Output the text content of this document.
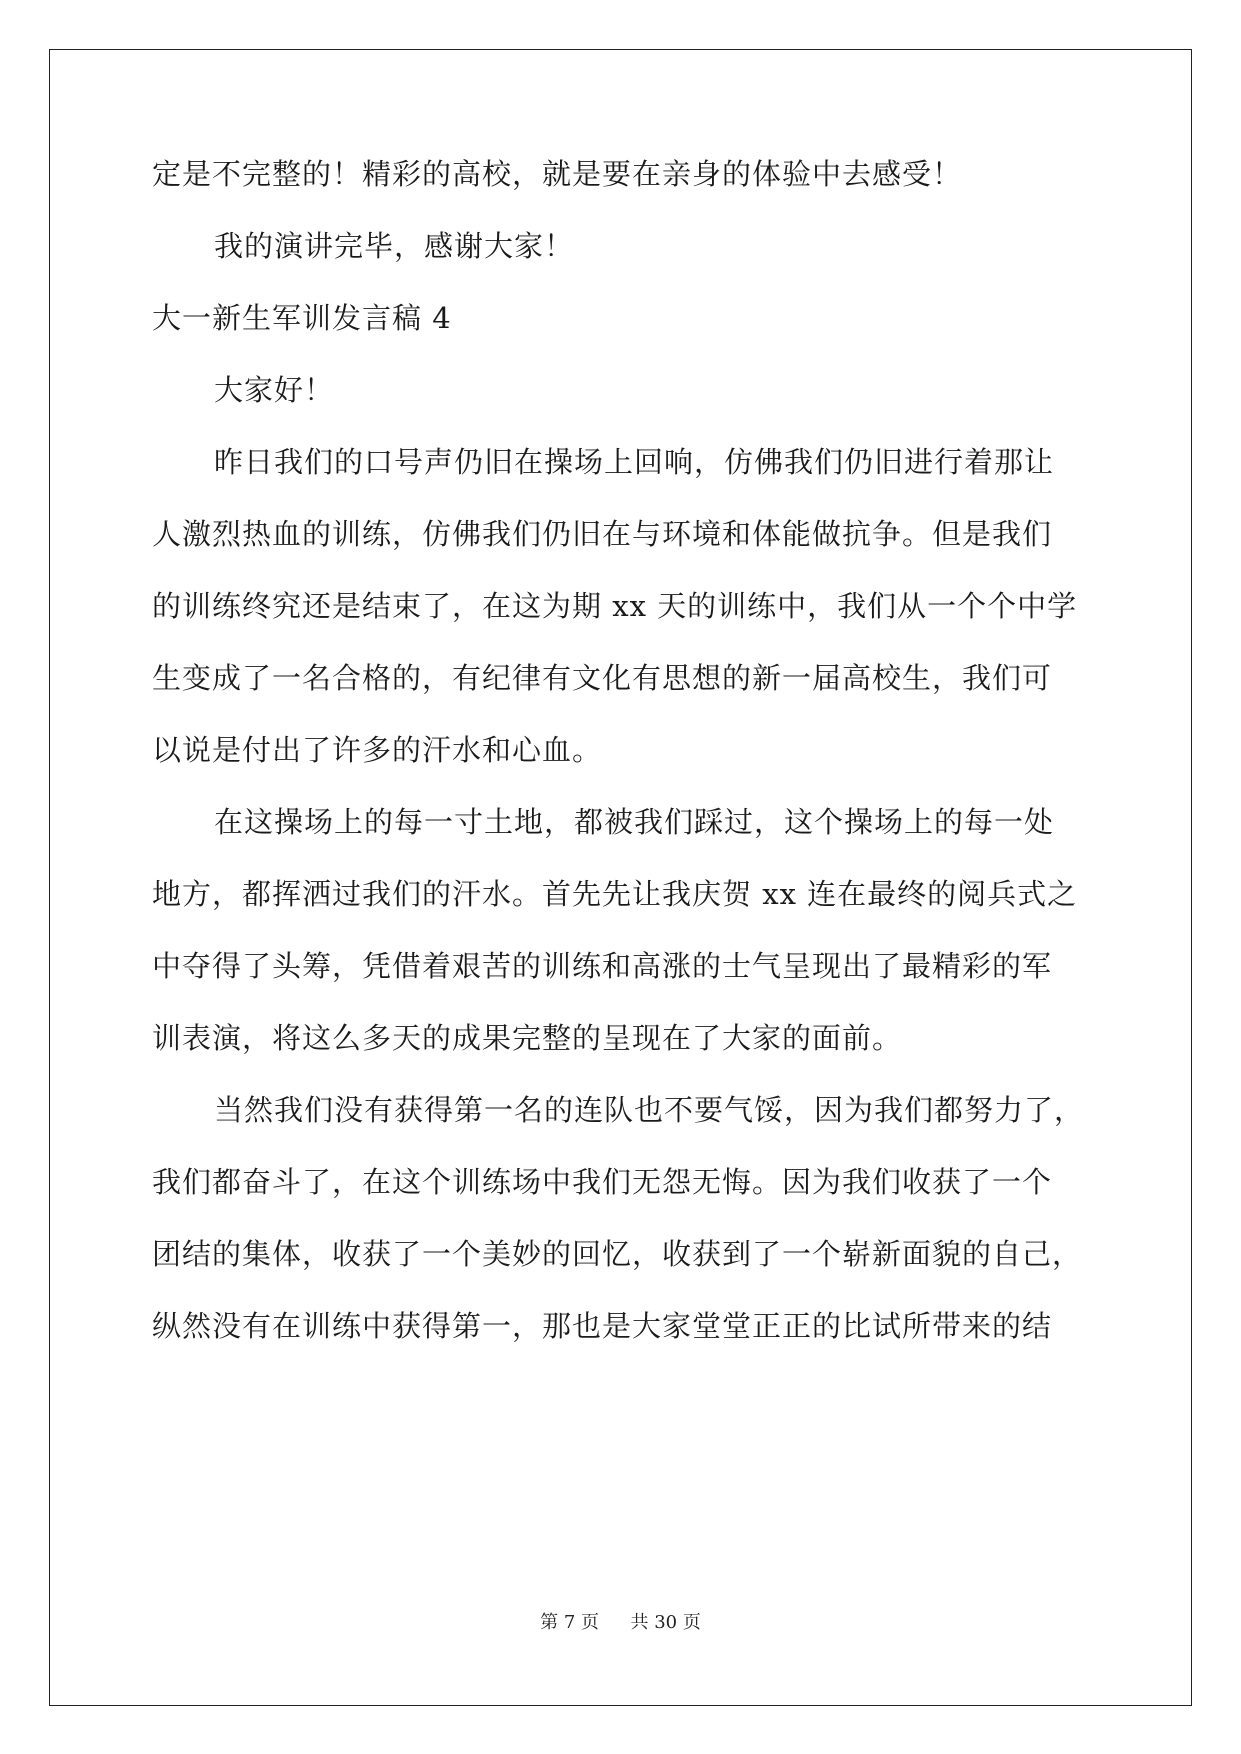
定是不完整的！精彩的高校，就是要在亲身的体验中去感受！
我的演讲完毕，感谢大家！
大一新生军训发言稿 4
大家好！
昨日我们的口号声仍旧在操场上回响，仿佛我们仍旧进行着那让
人激烈热血的训练，仿佛我们仍旧在与环境和体能做抗争。但是我们
的训练终究还是结束了，在这为期 xx 天的训练中，我们从一个个中学
生变成了一名合格的，有纪律有文化有思想的新一届高校生，我们可
以说是付出了许多的汗水和心血。
在这操场上的每一寸土地，都被我们踩过，这个操场上的每一处
地方，都挥洒过我们的汗水。首先先让我庆贺 xx 连在最终的阅兵式之
中夺得了头筹，凭借着艰苦的训练和高涨的士气呈现出了最精彩的军
训表演，将这么多天的成果完整的呈现在了大家的面前。
当然我们没有获得第一名的连队也不要气馁，因为我们都努力了，
我们都奋斗了，在这个训练场中我们无怨无悔。因为我们收获了一个
团结的集体，收获了一个美妙的回忆，收获到了一个崭新面貌的自己，
纵然没有在训练中获得第一，那也是大家堂堂正正的比试所带来的结
第 7 页 共 30 页
